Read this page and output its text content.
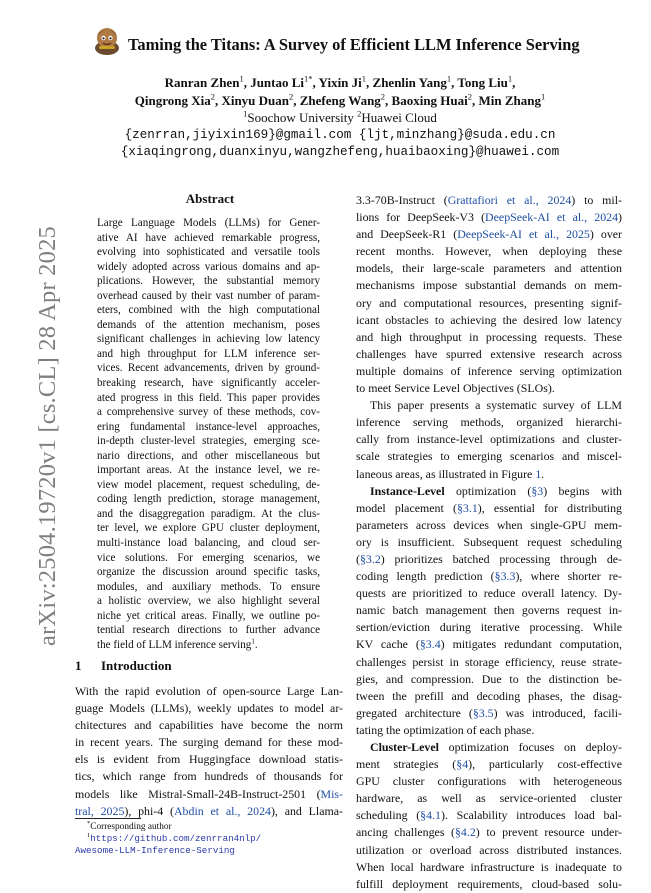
arXiv:2504.19720v1 [cs.CL] 28 Apr 2025
Taming the Titans: A Survey of Efficient LLM Inference Serving
Ranran Zhen$^1$, Juntao $Li^{1*}$, Yixin Ji$^1$, Zhenlin Yang$^1$, Tong Liu$^1$,
Qingrong Xia$^2$, Xinyu Duan$^2$, Zhefeng Wang$^2$, Baoxing Huai$^2$, Min Zhang$^1$
$^1$Soochow University $^2$Huawei Cloud
{zenrran,jiyixin169}@gmail.com {ljt,minzhang}@suda.edu.cn
{xiaqingrong,duanxinyu,wangzhefeng,huaibaoxing}@huawei.com
Abstract
Large Language Models (LLMs) for Gener-
ative AI have achieved remarkable progress,
evolving into sophisticated and versatile tools
widely adopted across various domains and ap-
plications. However, the substantial memory
overhead caused by their vast number of param-
eters, combined with the high computational
demands of the attention mechanism, poses
significant challenges in achieving low latency
and high throughput for LLM inference ser-
vices. Recent advancements, driven by ground-
breaking research, have significantly acceler-
ated progress in this field. This paper provides
a comprehensive survey of these methods, cov-
ering fundamental instance-level approaches,
in-depth cluster-level strategies, emerging sce-
nario directions, and other miscellaneous but
important areas. At the instance level, we re-
view model placement, request scheduling, de-
coding length prediction, storage management,
and the disaggregation paradigm. At the clus-
ter level, we explore GPU cluster deployment,
multi-instance load balancing, and cloud ser-
vice solutions. For emerging scenarios, we
organize the discussion around specific tasks,
modules, and auxiliary methods. To ensure
a holistic overview, we also highlight several
niche yet critical areas. Finally, we outline po-
tential research directions to further advance
the field of LLM inference serving$^1$.
1 Introduction
With the rapid evolution of open-source Large Lan-
guage Models (LLMs), weekly updates to model ar-
chitectures and capabilities have become the norm
in recent years. The surging demand for these mod-
els is evident from Huggingface download statis-
tics, which range from hundreds of thousands for
models like Mistral-Small-24B-Instruct-2501 (Mis-
tral, 2025), phi-4 (Abdin et al., 2024), and Llama-
3.3-70B-Instruct (Grattafiori et al., 2024) to mil-
lions for DeepSeek-V3 (DeepSeek-AI et al., 2024)
and DeepSeek-R1 (DeepSeek-AI et al., 2025) over
recent months. However, when deploying these
models, their large-scale parameters and attention
mechanisms impose substantial demands on mem-
ory and computational resources, presenting signif-
icant obstacles to achieving the desired low latency
and high throughput in processing requests. These
challenges have spurred extensive research across
multiple domains of inference serving optimization
to meet Service Level Objectives (SLOs).
This paper presents a systematic survey of LLM
inference serving methods, organized hierarchi-
cally from instance-level optimizations and cluster-
scale strategies to emerging scenarios and miscel-
laneous areas, as illustrated in Figure 1.
Instance-Level optimization (§3) begins with
model placement (§3.1), essential for distributing
parameters across devices when single-GPU mem-
ory is insufficient. Subsequent request scheduling
(§3.2) prioritizes batched processing through de-
coding length prediction (§3.3), where shorter re-
quests are prioritized to reduce overall latency. Dy-
namic batch management then governs request in-
sertion/eviction during iterative processing. While
KV cache (§3.4) mitigates redundant computation,
challenges persist in storage efficiency, reuse strate-
gies, and compression. Due to the distinction be-
tween the prefill and decoding phases, the disag-
gregated architecture (§3.5) was introduced, facili-
tating the optimization of each phase.
Cluster-Level optimization focuses on deploy-
ment strategies (§4), particularly cost-effective
GPU cluster configurations with heterogeneous
hardware, as well as service-oriented cluster
scheduling (§4.1). Scalability introduces load bal-
ancing challenges (§4.2) to prevent resource under-
utilization or overload across distributed instances.
When local hardware infrastructure is inadequate to
fulfill deployment requirements, cloud-based solu-
*Corresponding author
$^1$https://github.com/zenrran4nlp/
Awesome-LLM-Inference-Serving
